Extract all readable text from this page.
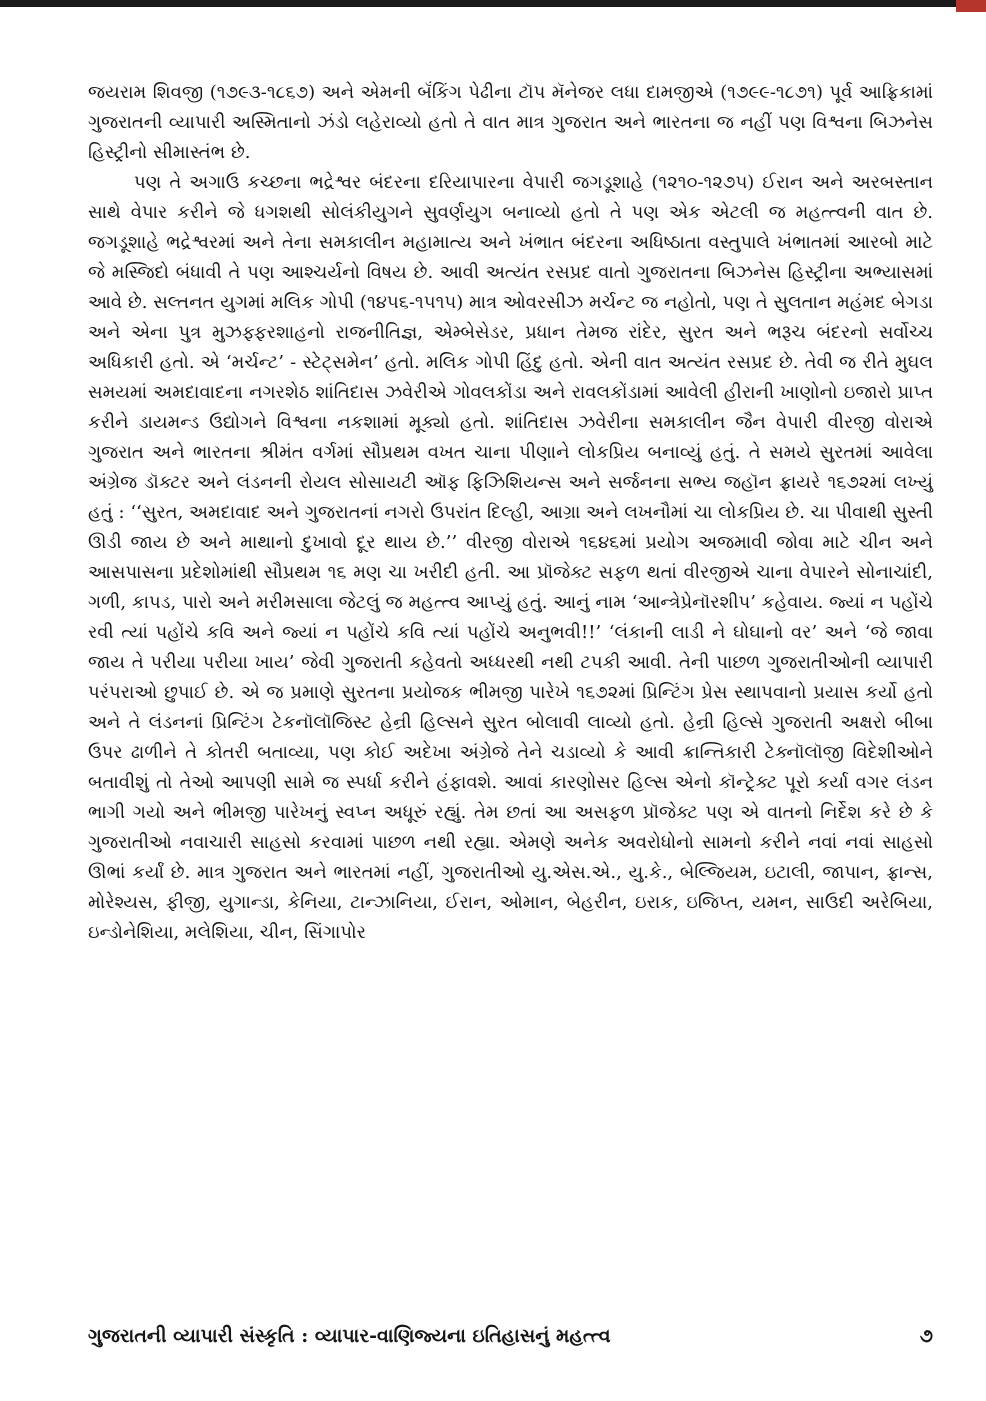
જયરામ શિવજી (૧૭૯૩-૧૮૬૭) અને એમની બૅંકિંગ પેઢીના ટૉપ મૅનેજર લધા દામજીએ (૧૭૯૯-૧૮૭૧) પૂર્વ આફ્રિકામાં ગુજરાતની વ્યાપારી અસ્મિતાનો ઝંડો લહેરાવ્યો હતો તે વાત માત્ર ગુજરાત અને ભારતના જ નહીં પણ વિશ્વના બિઝનેસ હિસ્ટ્રીનો સીમાસ્તંભ છે.

પણ તે અગાઉ કચ્છના ભદ્રેશ્વર બંદરના દરિયાપારના વેપારી જગડૂશાહે (૧૨૧૦-૧૨૭૫) ઈરાન અને અરબસ્તાન સાથે વેપાર કરીને જે ધગશથી સોલંકીયુગને સુવર્ણયુગ બનાવ્યો હતો તે પણ એક એટલી જ મહત્ત્વની વાત છે. જગડૂશાહે ભદ્રેશ્વરમાં અને તેના સમકાલીન મહામાત્ય અને ખંભાત બંદરના અધિષ્ઠાતા વસ્તુપાલે ખંભાતમાં આરબો માટે જે મસ્જિદો બંધાવી તે પણ આશ્ચર્યનો વિષય છે. આવી અત્યંત રસપ્રદ વાતો ગુજરાતના બિઝનેસ હિસ્ટ્રીના અભ્યાસમાં આવે છે. સલ્તનત યુગમાં મલિક ગોપી (૧૪૫૬-૧૫૧૫) માત્ર ઓવરસીઝ મર્ચન્ટ જ નહોતો, પણ તે સુલતાન મહંમદ બેગડા અને એના પુત્ર મુઝફ્ફરશાહનો રાજનીતિજ્ઞ, એમ્બેસેડર, પ્રધાન તેમજ રાંદેર, સુરત અને ભરૂચ બંદરનો સર્વોચ્ચ અધિકારી હતો. એ ‘મર્ચન્ટ’ - સ્ટેટ્સમેન’ હતો. મલિક ગોપી હિંદુ હતો. એની વાત અત્યંત રસપ્રદ છે. તેવી જ રીતે મુઘલ સમયમાં અમદાવાદના નગરશેઠ શાંતિદાસ ઝવેરીએ ગોવલકોંડા અને રાવલકોંડામાં આવેલી હીરાની ખાણોનો ઇજારો પ્રાપ્ત કરીને ડાયમન્ડ ઉદ્યોગને વિશ્વના નકશામાં મૂક્યો હતો. શાંતિદાસ ઝવેરીના સમકાલીન જૈન વેપારી વીરજી વોરાએ ગુજરાત અને ભારતના શ્રીમંત વર્ગમાં સૌપ્રથમ વખત ચાના પીણાને લોકપ્રિય બનાવ્યું હતું. તે સમયે સુરતમાં આવેલા અંગ્રેજ ડૉક્ટર અને લંડનની રોયલ સોસાયટી ઑફ ફિઝિશિયન્સ અને સર્જનના સભ્ય જહૉન ફ્રાયરે ૧૬૭૨માં લખ્યું હતું : ‘‘સુરત, અમદાવાદ અને ગુજરાતનાં નગરો ઉપરાંત દિલ્હી, આગ્રા અને લખનૌમાં ચા લોકપ્રિય છે. ચા પીવાથી સુસ્તી ઊડી જાય છે અને માથાનો દુખાવો દૂર થાય છે.’’ વીરજી વોરાએ ૧૬૪૬માં પ્રયોગ અજમાવી જોવા માટે ચીન અને આસપાસના પ્રદેશોમાંથી સૌપ્રથમ ૧૬ મણ ચા ખરીદી હતી. આ પ્રૉજેક્ટ સફળ થતાં વીરજીએ ચાના વેપારને સોનાચાંદી, ગળી, કાપડ, પારો અને મરીમસાલા જેટલું જ મહત્ત્વ આપ્યું હતું. આનું નામ ‘આન્ત્રેપ્રેનૉરશીપ’ કહેવાય. જ્યાં ન પહોંચે રવી ત્યાં પહોંચે કવિ અને જ્યાં ન પહોંચે કવિ ત્યાં પહોંચે અનુભવી!!’ ‘લંકાની લાડી ને ઘોઘાનો વર’ અને ‘જે જાવા જાય તે પરીયા પરીયા ખાય’ જેવી ગુજરાતી કહેવતો અધ્ધરથી નથી ટપકી આવી. તેની પાછળ ગુજરાતીઓની વ્યાપારી પરંપરાઓ છુપાઈ છે. એ જ પ્રમાણે સુરતના પ્રયોજક ભીમજી પારેખે ૧૬૭૨માં પ્રિન્ટિંગ પ્રેસ સ્થાપવાનો પ્રયાસ કર્યો હતો અને તે લંડનનાં પ્રિન્ટિંગ ટેકનૉલૉજિસ્ટ હેન્રી હિલ્સને સુરત બોલાવી લાવ્યો હતો. હેન્રી હિલ્સે ગુજરાતી અક્ષરો બીબા ઉપર ઢાળીને તે કોતરી બતાવ્યા, પણ કોઈ અદેખા અંગ્રેજે તેને ચડાવ્યો કે આવી ક્રાન્તિકારી ટેક્નૉલૉજી વિદેશીઓને બતાવીશું તો તેઓ આપણી સામે જ સ્પર્ધા કરીને હંફાવશે. આવાં કારણોસર હિલ્સ એનો કૉન્ટ્રેક્ટ પૂરો કર્યા વગર લંડન ભાગી ગયો અને ભીમજી પારેખનું સ્વપ્ન અધૂરું રહ્યું. તેમ છતાં આ અસફળ પ્રૉજેક્ટ પણ એ વાતનો નિર્દેશ કરે છે કે ગુજરાતીઓ નવાચારી સાહસો કરવામાં પાછળ નથી રહ્યા. એમણે અનેક અવરોધોનો સામનો કરીને નવાં નવાં સાહસો ઊભાં કર્યાં છે. માત્ર ગુજરાત અને ભારતમાં નહીં, ગુજરાતીઓ યુ.એસ.એ., યુ.કે., બેલ્જિયમ, ઇટાલી, જાપાન, ફ્રાન્સ, મોરેશ્યસ, ફીજી, યુગાન્ડા, કેનિયા, ટાન્ઝાનિયા, ઈરાન, ઓમાન, બેહરીન, ઇરાક, ઇજિપ્ત, યમન, સાઉદી અરેબિયા, ઇન્ડોનેશિયા, મલેશિયા, ચીન, સિંગાપોર

ગુજરાતની વ્યાપારી સંસ્કૃતિ : વ્યાપાર-વાણિજ્યના ઇતિહાસનું મહત્ત્વ	૭
